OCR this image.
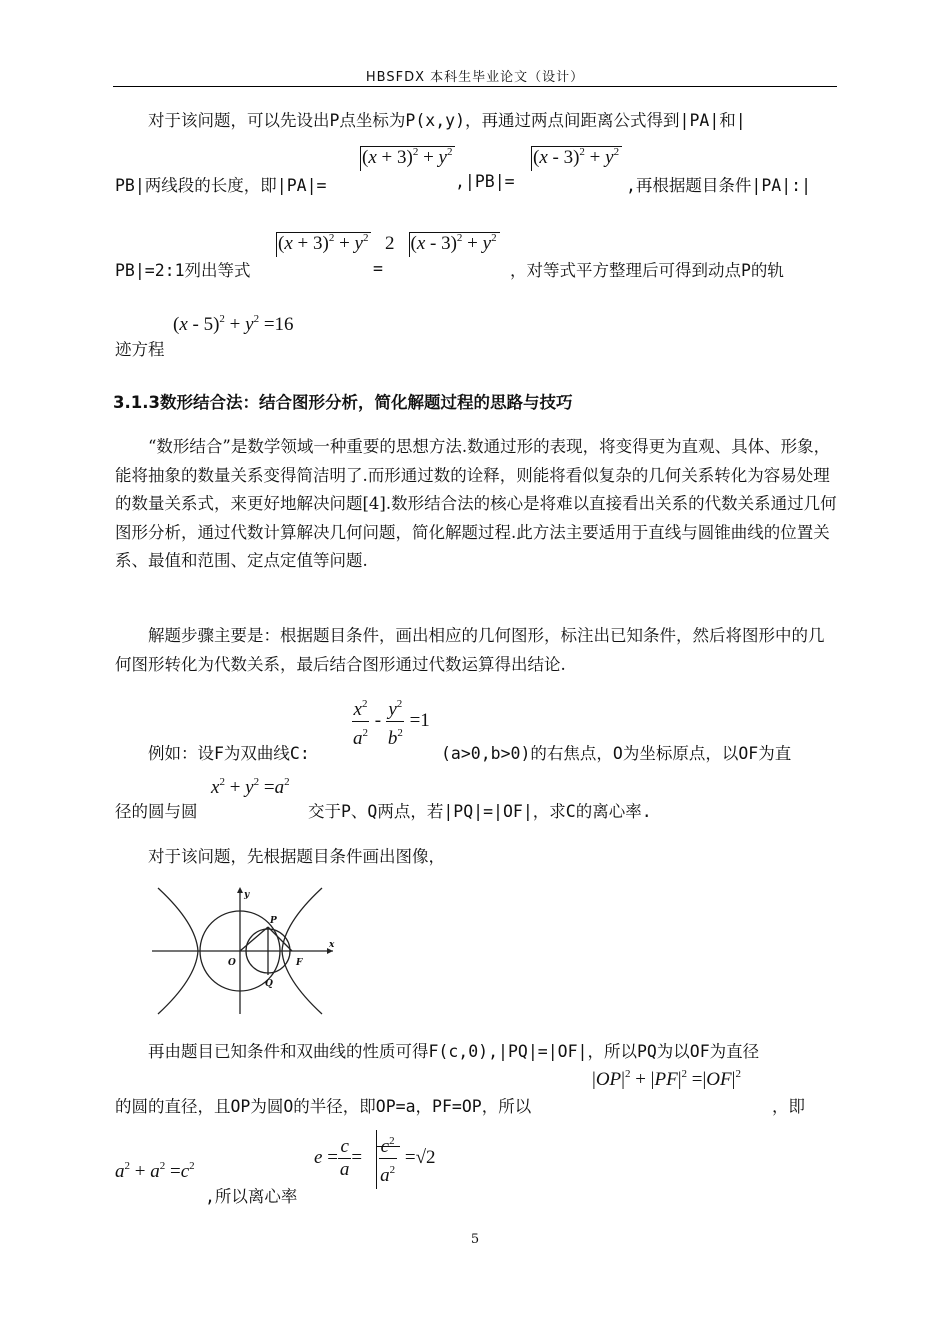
HBSFDX 本科生毕业论文（设计）
对于该问题，可以先设出P点坐标为P(x,y)，再通过两点间距离公式得到|PA|和|
PB|两线段的长度，即|PA|=
$(x + 3)^2 + y^2$
,|PB|=
$(x - 3)^2 + y^2$
,再根据题目条件|PA|:|
PB|=2:1列出等式
$(x + 3)^2 + y^2$
=
2 $(x - 3)^2 + y^2$
，对等式平方整理后可得到动点P的轨
$(x - 5)^2 + y^2 =16$
迹方程
3.1.3数形结合法：结合图形分析，简化解题过程的思路与技巧
“数形结合”是数学领域一种重要的思想方法.数通过形的表现，将变得更为直观、具体、形象，能将抽象的数量关系变得简洁明了.而形通过数的诠释，则能将看似复杂的几何关系转化为容易处理的数量关系式，来更好地解决问题[4].数形结合法的核心是将难以直接看出关系的代数关系通过几何图形分析，通过代数计算解决几何问题，简化解题过程.此方法主要适用于直线与圆锥曲线的位置关系、最值和范围、定点定值等问题.
解题步骤主要是：根据题目条件，画出相应的几何图形，标注出已知条件，然后将图形中的几何图形转化为代数关系，最后结合图形通过代数运算得出结论.
$\frac{x^2}{a^2} - \frac{y^2}{b^2} =1$
例如：设F为双曲线C:	(a>0,b>0)的右焦点，O为坐标原点，以OF为直
$x^2 + y^2 =a^2$
径的圆与圆	交于P、Q两点，若|PQ|=|OF|，求C的离心率.
对于该问题，先根据题目条件画出图像，
x
y
O
P
Q
F
再由题目已知条件和双曲线的性质可得F(c,0),|PQ|=|OF|，所以PQ为以OF为直径
$|OP|^2 + |PF|^2 =|OF|^2$
的圆的直径，且OP为圆O的半径，即OP=a，PF=OP，所以	，即
$a^2 + a^2 =c^2$	$e = \frac{c}{a} = \frac{c^2}{a^2} =√2$
,所以离心率
5
